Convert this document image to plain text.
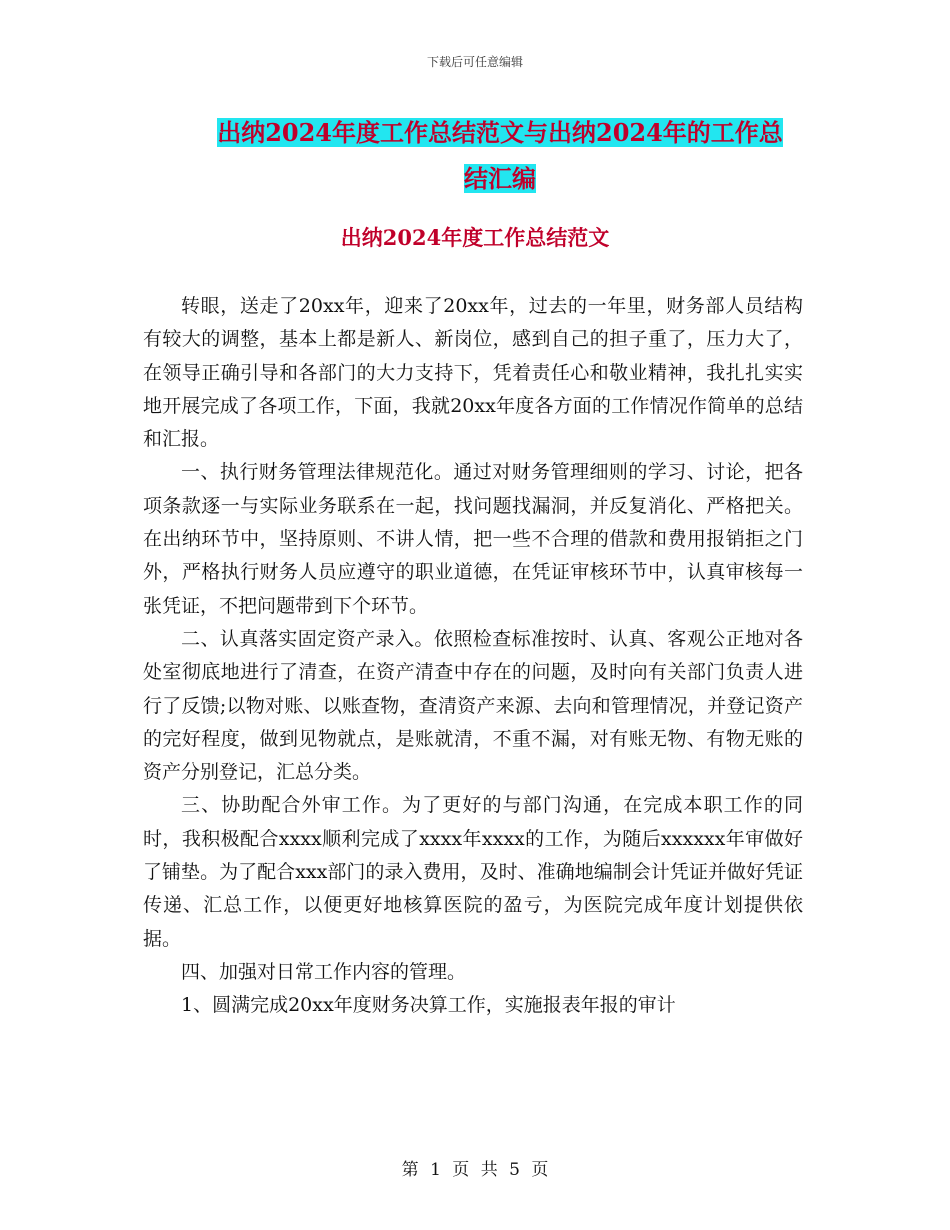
下载后可任意编辑
出纳2024年度工作总结范文与出纳2024年的工作总
结汇编
出纳2024年度工作总结范文

转眼，送走了20xx年，迎来了20xx年，过去的一年里，财务部人员结构有较大的调整，基本上都是新人、新岗位，感到自己的担子重了，压力大了，在领导正确引导和各部门的大力支持下，凭着责任心和敬业精神，我扎扎实实地开展完成了各项工作，下面，我就20xx年度各方面的工作情况作简单的总结和汇报。

一、执行财务管理法律规范化。通过对财务管理细则的学习、讨论，把各项条款逐一与实际业务联系在一起，找问题找漏洞，并反复消化、严格把关。在出纳环节中，坚持原则、不讲人情，把一些不合理的借款和费用报销拒之门外，严格执行财务人员应遵守的职业道德，在凭证审核环节中，认真审核每一张凭证，不把问题带到下个环节。

二、认真落实固定资产录入。依照检查标准按时、认真、客观公正地对各处室彻底地进行了清查，在资产清查中存在的问题，及时向有关部门负责人进行了反馈;以物对账、以账查物，查清资产来源、去向和管理情况，并登记资产的完好程度，做到见物就点，是账就清，不重不漏，对有账无物、有物无账的资产分别登记，汇总分类。

三、协助配合外审工作。为了更好的与部门沟通，在完成本职工作的同时，我积极配合xxxx顺利完成了xxxx年xxxx的工作，为随后xxxxxx年审做好了铺垫。为了配合xxx部门的录入费用，及时、准确地编制会计凭证并做好凭证传递、汇总工作，以便更好地核算医院的盈亏，为医院完成年度计划提供依据。

四、加强对日常工作内容的管理。

1、圆满完成20xx年度财务决算工作，实施报表年报的审计

第 1 页 共 5 页
